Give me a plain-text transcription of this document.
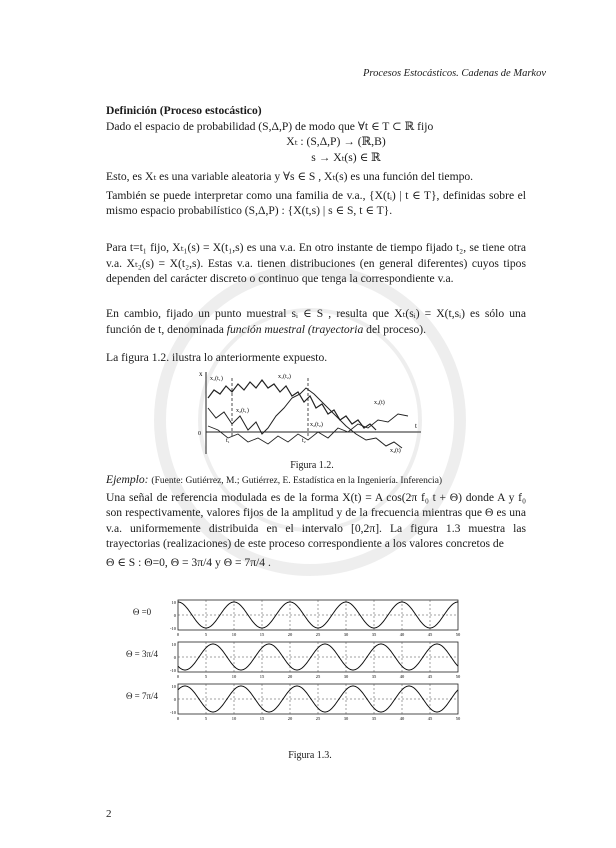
Procesos Estocásticos. Cadenas de Markov
Definición (Proceso estocástico)
Dado el espacio de probabilidad (S,Δ,P) de modo que ∀t ∈ T ⊂ ℝ fijo
Xₜ : (S,Δ,P) → (ℝ,B)
s → Xₜ(s) ∈ ℝ
Esto, es Xₜ es una variable aleatoria y ∀s ∈ S , Xₜ(s) es una función del tiempo.
También se puede interpretar como una familia de v.a., {X(tᵢ) | t ∈ T}, definidas sobre el mismo espacio probabilístico (S,Δ,P) : {X(t,s) | s ∈ S, t ∈ T}.
Para t=t₁ fijo, Xₜ₁(s) = X(t₁,s) es una v.a. En otro instante de tiempo fijado t₂, se tiene otra v.a. Xₜ₂(s) = X(t₂,s). Estas v.a. tienen distribuciones (en general diferentes) cuyos tipos dependen del carácter discreto o continuo que tenga la correspondiente v.a.
En cambio, fijado un punto muestral sᵢ ∈ S , resulta que Xₜ(sᵢ) = X(t,sᵢ) es sólo una función de t, denominada función muestral (trayectoria del proceso).
La figura 1.2. ilustra lo anteriormente expuesto.
x
x₁(t₁)	x₁(t₂)
x₂(t₁)
x₂(t₂)
x₃(t)
x₄(t)
t₁	t₂
t
0
Figura 1.2.
Ejemplo: (Fuente: Gutiérrez, M.; Gutiérrez, E. Estadística en la Ingeniería. Inferencia)
Una señal de referencia modulada es de la forma X(t) = A cos(2π f₀ t + Θ) donde A y f₀ son respectivamente, valores fijos de la amplitud y de la frecuencia mientras que Θ es una v.a. uniformemente distribuida en el intervalo [0,2π]. La figura 1.3 muestra las trayectorias (realizaciones) de este proceso correspondiente a los valores concretos de
Θ ∈ S : Θ=0, Θ = 3π/4 y Θ = 7π/4 .
Θ =0
10
0
-10
0	5	10	15	20	25	30	35	40	45	50
Θ = 3π/4
10
0
-10
0	5	10	15	20	25	30	35	40	45	50
Θ = 7π/4
10
0
-10
0	5	10	15	20	25	30	35	40	45	50
Figura 1.3.
2
